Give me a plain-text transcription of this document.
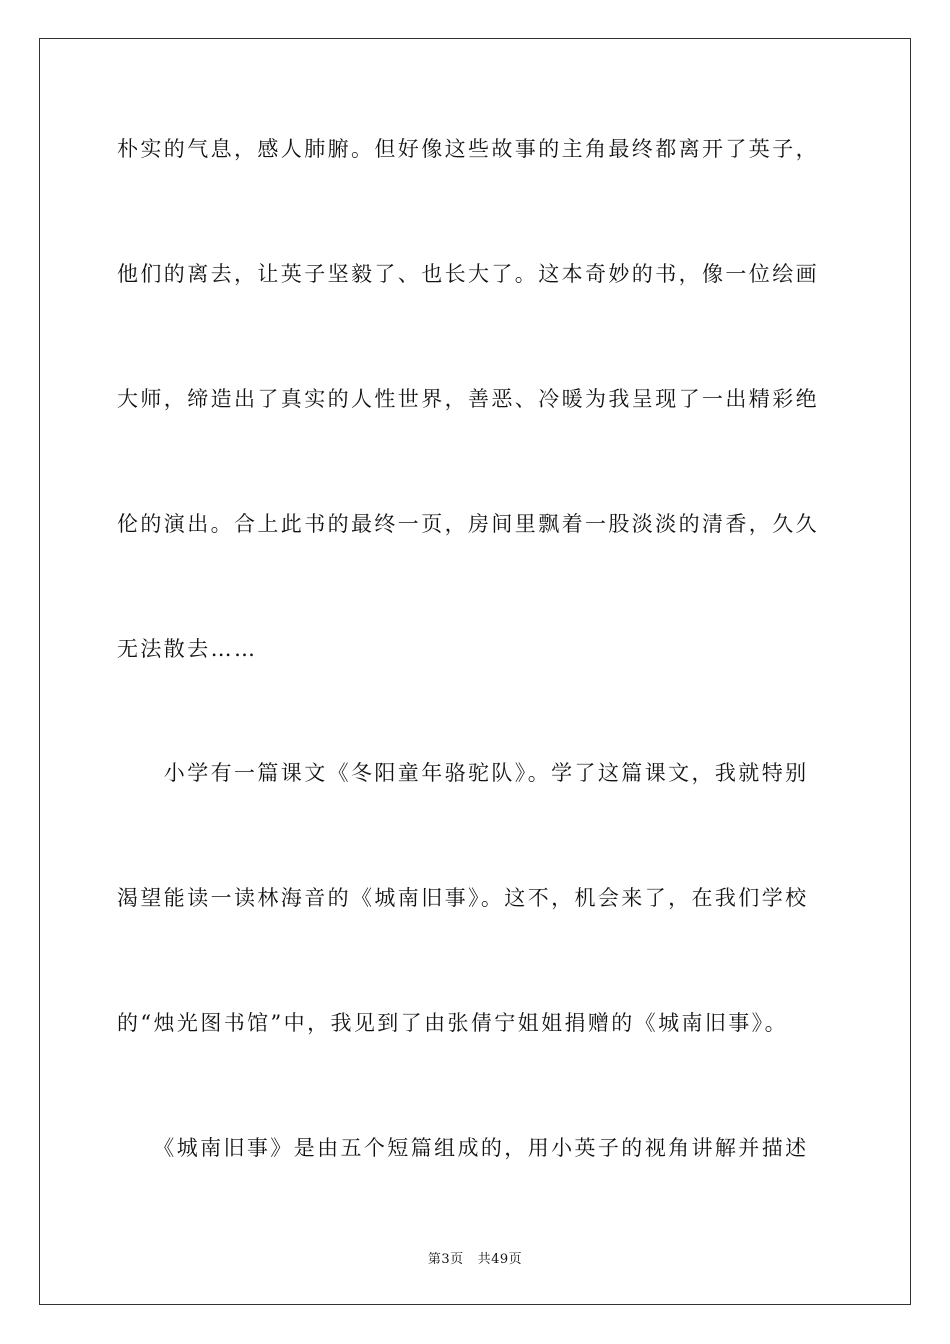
朴实的气息，感人肺腑。但好像这些故事的主角最终都离开了英子，
他们的离去，让英子坚毅了、也长大了。这本奇妙的书，像一位绘画
大师，缔造出了真实的人性世界，善恶、冷暖为我呈现了一出精彩绝
伦的演出。合上此书的最终一页，房间里飘着一股淡淡的清香，久久
无法散去……
　　小学有一篇课文《冬阳童年骆驼队》。学了这篇课文，我就特别
渴望能读一读林海音的《城南旧事》。这不，机会来了，在我们学校
的“烛光图书馆”中，我见到了由张倩宁姐姐捐赠的《城南旧事》。
　　《城南旧事》是由五个短篇组成的，用小英子的视角讲解并描述
第3页 共49页
